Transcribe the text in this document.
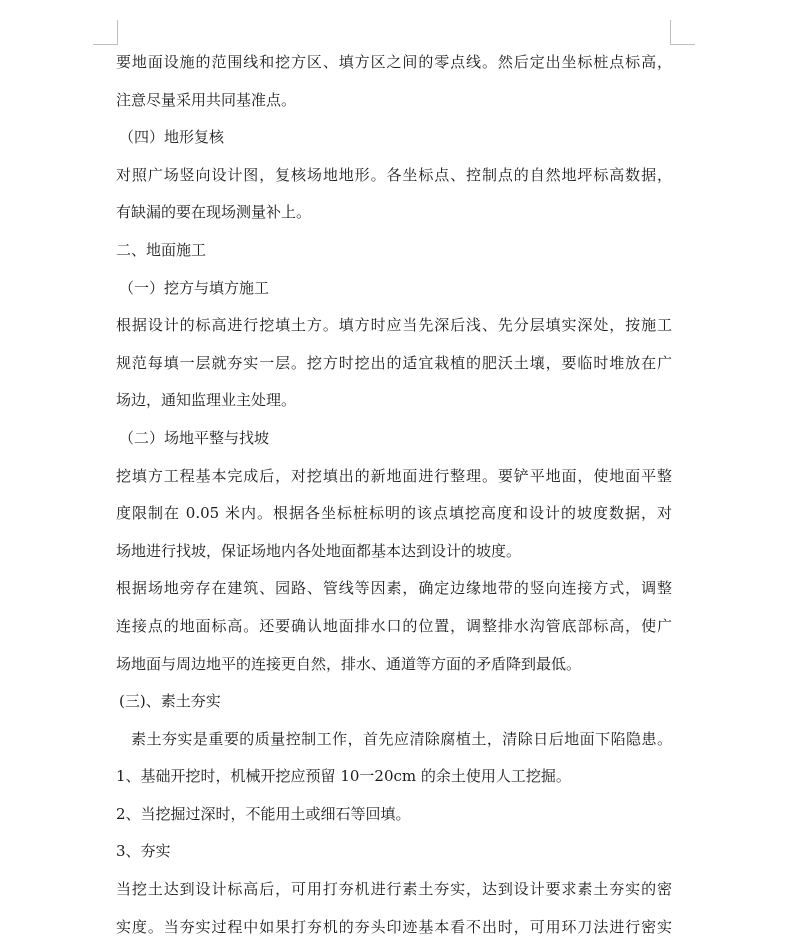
要地面设施的范围线和挖方区、填方区之间的零点线。然后定出坐标桩点标高，
注意尽量采用共同基准点。
（四）地形复核
对照广场竖向设计图，复核场地地形。各坐标点、控制点的自然地坪标高数据，
有缺漏的要在现场测量补上。
二、地面施工
（一）挖方与填方施工
根据设计的标高进行挖填土方。填方时应当先深后浅、先分层填实深处，按施工
规范每填一层就夯实一层。挖方时挖出的适宜栽植的肥沃土壤，要临时堆放在广
场边，通知监理业主处理。
（二）场地平整与找坡
挖填方工程基本完成后，对挖填出的新地面进行整理。要铲平地面，使地面平整
度限制在 0.05 米内。根据各坐标桩标明的该点填挖高度和设计的坡度数据，对
场地进行找坡，保证场地内各处地面都基本达到设计的坡度。
根据场地旁存在建筑、园路、管线等因素，确定边缘地带的竖向连接方式，调整
连接点的地面标高。还要确认地面排水口的位置，调整排水沟管底部标高，使广
场地面与周边地平的连接更自然，排水、通道等方面的矛盾降到最低。
(三)、素土夯实
素土夯实是重要的质量控制工作，首先应清除腐植土，清除日后地面下陷隐患。
1、基础开挖时，机械开挖应预留 10一20cm 的余土使用人工挖掘。
2、当挖掘过深时，不能用土或细石等回填。
3、夯实
当挖土达到设计标高后，可用打夯机进行素土夯实，达到设计要求素土夯实的密
实度。当夯实过程中如果打夯机的夯头印迹基本看不出时，可用环刀法进行密实
